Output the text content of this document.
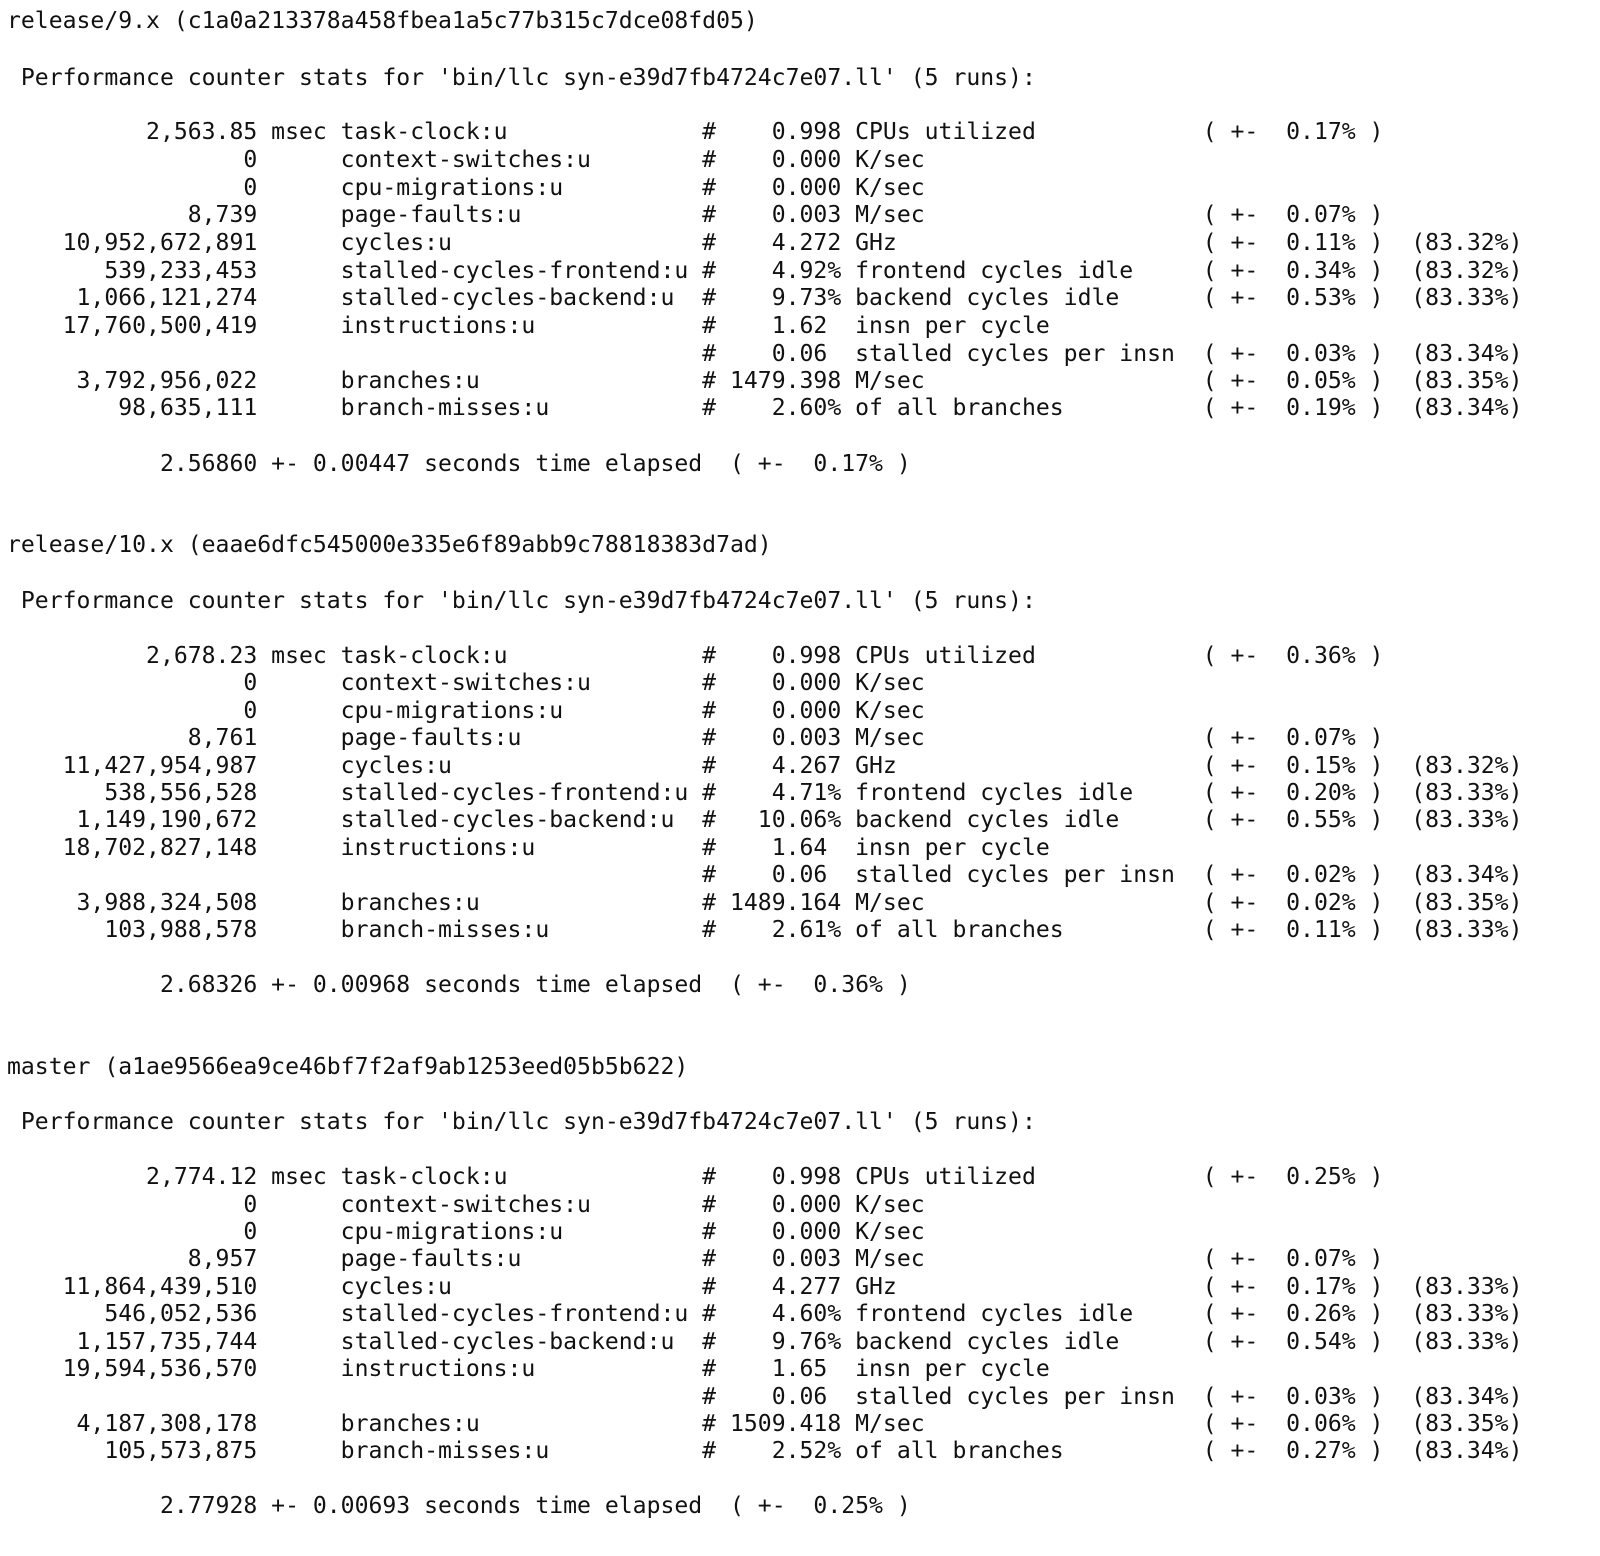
release/9.x (c1a0a213378a458fbea1a5c77b315c7dce08fd05)
Performance counter stats for 'bin/llc syn-e39d7fb4724c7e07.ll' (5 runs):
2,563.85 msec task-clock:u              #    0.998 CPUs utilized            ( +-  0.17% )
0      context-switches:u        #    0.000 K/sec
0      cpu-migrations:u          #    0.000 K/sec
8,739      page-faults:u             #    0.003 M/sec                    ( +-  0.07% )
10,952,672,891      cycles:u                  #    4.272 GHz                      ( +-  0.11% )  (83.32%)
539,233,453      stalled-cycles-frontend:u #    4.92% frontend cycles idle     ( +-  0.34% )  (83.32%)
1,066,121,274      stalled-cycles-backend:u  #    9.73% backend cycles idle      ( +-  0.53% )  (83.33%)
17,760,500,419      instructions:u            #    1.62  insn per cycle
#    0.06  stalled cycles per insn  ( +-  0.03% )  (83.34%)
3,792,956,022      branches:u                # 1479.398 M/sec                    ( +-  0.05% )  (83.35%)
98,635,111      branch-misses:u           #    2.60% of all branches          ( +-  0.19% )  (83.34%)
2.56860 +- 0.00447 seconds time elapsed  ( +-  0.17% )
release/10.x (eaae6dfc545000e335e6f89abb9c78818383d7ad)
Performance counter stats for 'bin/llc syn-e39d7fb4724c7e07.ll' (5 runs):
2,678.23 msec task-clock:u              #    0.998 CPUs utilized            ( +-  0.36% )
0      context-switches:u        #    0.000 K/sec
0      cpu-migrations:u          #    0.000 K/sec
8,761      page-faults:u             #    0.003 M/sec                    ( +-  0.07% )
11,427,954,987      cycles:u                  #    4.267 GHz                      ( +-  0.15% )  (83.32%)
538,556,528      stalled-cycles-frontend:u #    4.71% frontend cycles idle     ( +-  0.20% )  (83.33%)
1,149,190,672      stalled-cycles-backend:u  #   10.06% backend cycles idle      ( +-  0.55% )  (83.33%)
18,702,827,148      instructions:u            #    1.64  insn per cycle
#    0.06  stalled cycles per insn  ( +-  0.02% )  (83.34%)
3,988,324,508      branches:u                # 1489.164 M/sec                    ( +-  0.02% )  (83.35%)
103,988,578      branch-misses:u           #    2.61% of all branches          ( +-  0.11% )  (83.33%)
2.68326 +- 0.00968 seconds time elapsed  ( +-  0.36% )
master (a1ae9566ea9ce46bf7f2af9ab1253eed05b5b622)
Performance counter stats for 'bin/llc syn-e39d7fb4724c7e07.ll' (5 runs):
2,774.12 msec task-clock:u              #    0.998 CPUs utilized            ( +-  0.25% )
0      context-switches:u        #    0.000 K/sec
0      cpu-migrations:u          #    0.000 K/sec
8,957      page-faults:u             #    0.003 M/sec                    ( +-  0.07% )
11,864,439,510      cycles:u                  #    4.277 GHz                      ( +-  0.17% )  (83.33%)
546,052,536      stalled-cycles-frontend:u #    4.60% frontend cycles idle     ( +-  0.26% )  (83.33%)
1,157,735,744      stalled-cycles-backend:u  #    9.76% backend cycles idle      ( +-  0.54% )  (83.33%)
19,594,536,570      instructions:u            #    1.65  insn per cycle
#    0.06  stalled cycles per insn  ( +-  0.03% )  (83.34%)
4,187,308,178      branches:u                # 1509.418 M/sec                    ( +-  0.06% )  (83.35%)
105,573,875      branch-misses:u           #    2.52% of all branches          ( +-  0.27% )  (83.34%)
2.77928 +- 0.00693 seconds time elapsed  ( +-  0.25% )
